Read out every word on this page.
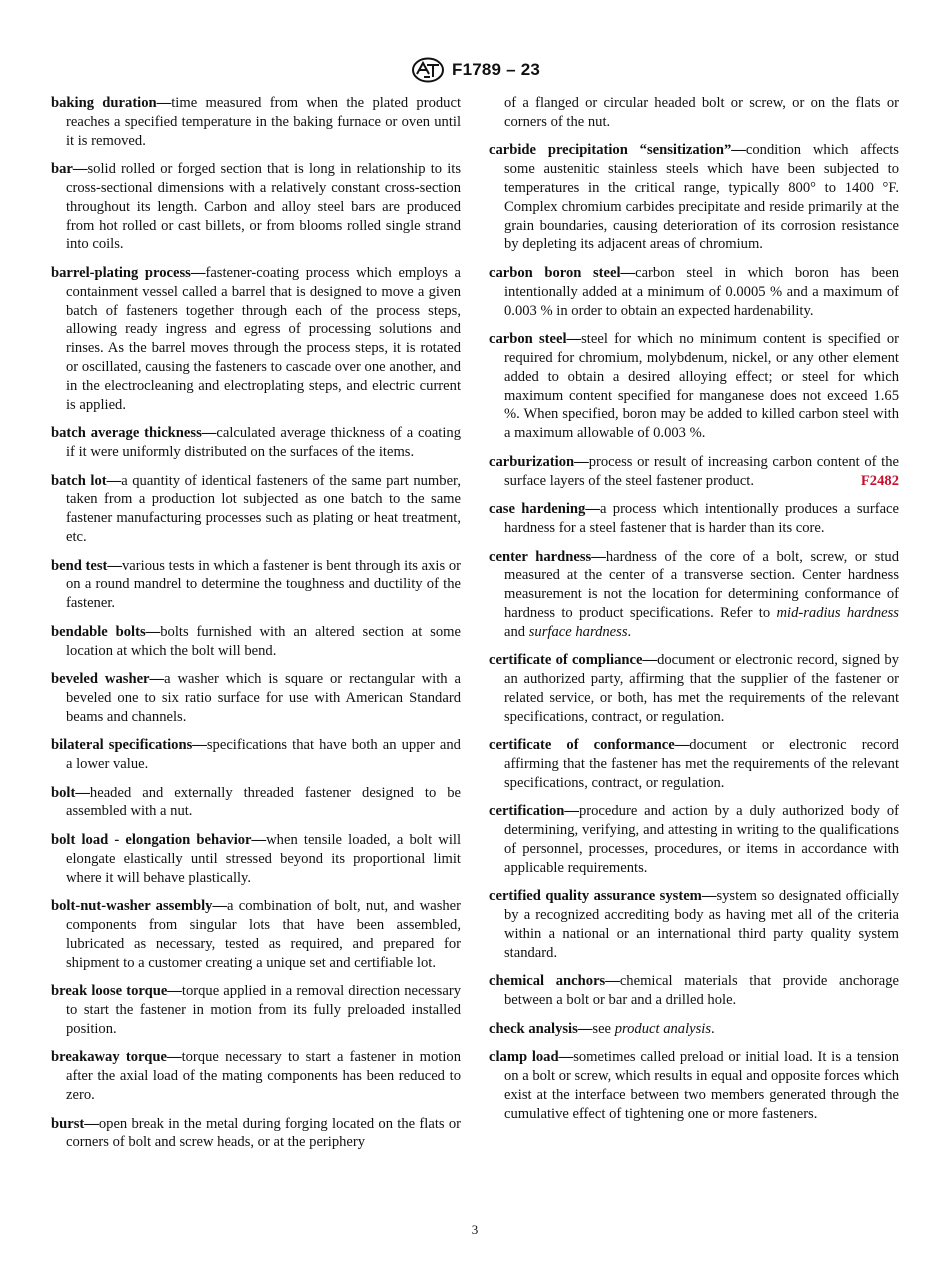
F1789 – 23

baking duration—time measured from when the plated product reaches a specified temperature in the baking furnace or oven until it is removed.

bar—solid rolled or forged section that is long in relationship to its cross-sectional dimensions with a relatively constant cross-section throughout its length. Carbon and alloy steel bars are produced from hot rolled or cast billets, or from blooms rolled single strand into coils.

barrel-plating process—fastener-coating process which employs a containment vessel called a barrel that is designed to move a given batch of fasteners together through each of the process steps, allowing ready ingress and egress of processing solutions and rinses. As the barrel moves through the process steps, it is rotated or oscillated, causing the fasteners to cascade over one another, and in the electrocleaning and electroplating steps, and electric current is applied.

batch average thickness—calculated average thickness of a coating if it were uniformly distributed on the surfaces of the items.

batch lot—a quantity of identical fasteners of the same part number, taken from a production lot subjected as one batch to the same fastener manufacturing processes such as plating or heat treatment, etc.

bend test—various tests in which a fastener is bent through its axis or on a round mandrel to determine the toughness and ductility of the fastener.

bendable bolts—bolts furnished with an altered section at some location at which the bolt will bend.

beveled washer—a washer which is square or rectangular with a beveled one to six ratio surface for use with American Standard beams and channels.

bilateral specifications—specifications that have both an upper and a lower value.

bolt—headed and externally threaded fastener designed to be assembled with a nut.

bolt load - elongation behavior—when tensile loaded, a bolt will elongate elastically until stressed beyond its proportional limit where it will behave plastically.

bolt-nut-washer assembly—a combination of bolt, nut, and washer components from singular lots that have been assembled, lubricated as necessary, tested as required, and prepared for shipment to a customer creating a unique set and certifiable lot.

break loose torque—torque applied in a removal direction necessary to start the fastener in motion from its fully preloaded installed position.

breakaway torque—torque necessary to start a fastener in motion after the axial load of the mating components has been reduced to zero.

burst—open break in the metal during forging located on the flats or corners of bolt and screw heads, or at the periphery

of a flanged or circular headed bolt or screw, or on the flats or corners of the nut.

carbide precipitation “sensitization”—condition which affects some austenitic stainless steels which have been subjected to temperatures in the critical range, typically 800° to 1400 °F. Complex chromium carbides precipitate and reside primarily at the grain boundaries, causing deterioration of its corrosion resistance by depleting its adjacent areas of chromium.

carbon boron steel—carbon steel in which boron has been intentionally added at a minimum of 0.0005 % and a maximum of 0.003 % in order to obtain an expected hardenability.

carbon steel—steel for which no minimum content is specified or required for chromium, molybdenum, nickel, or any other element added to obtain a desired alloying effect; or steel for which maximum content specified for manganese does not exceed 1.65 %. When specified, boron may be added to killed carbon steel with a maximum allowable of 0.003 %.

carburization—process or result of increasing carbon content of the surface layers of the steel fastener product.	F2482

case hardening—a process which intentionally produces a surface hardness for a steel fastener that is harder than its core.

center hardness—hardness of the core of a bolt, screw, or stud measured at the center of a transverse section. Center hardness measurement is not the location for determining conformance of hardness to product specifications. Refer to mid-radius hardness and surface hardness.

certificate of compliance—document or electronic record, signed by an authorized party, affirming that the supplier of the fastener or related service, or both, has met the requirements of the relevant specifications, contract, or regulation.

certificate of conformance—document or electronic record affirming that the fastener has met the requirements of the relevant specifications, contract, or regulation.

certification—procedure and action by a duly authorized body of determining, verifying, and attesting in writing to the qualifications of personnel, processes, procedures, or items in accordance with applicable requirements.

certified quality assurance system—system so designated officially by a recognized accrediting body as having met all of the criteria within a national or an international third party quality system standard.

chemical anchors—chemical materials that provide anchorage between a bolt or bar and a drilled hole.

check analysis—see product analysis.

clamp load—sometimes called preload or initial load. It is a tension on a bolt or screw, which results in equal and opposite forces which exist at the interface between two members generated through the cumulative effect of tightening one or more fasteners.

3
